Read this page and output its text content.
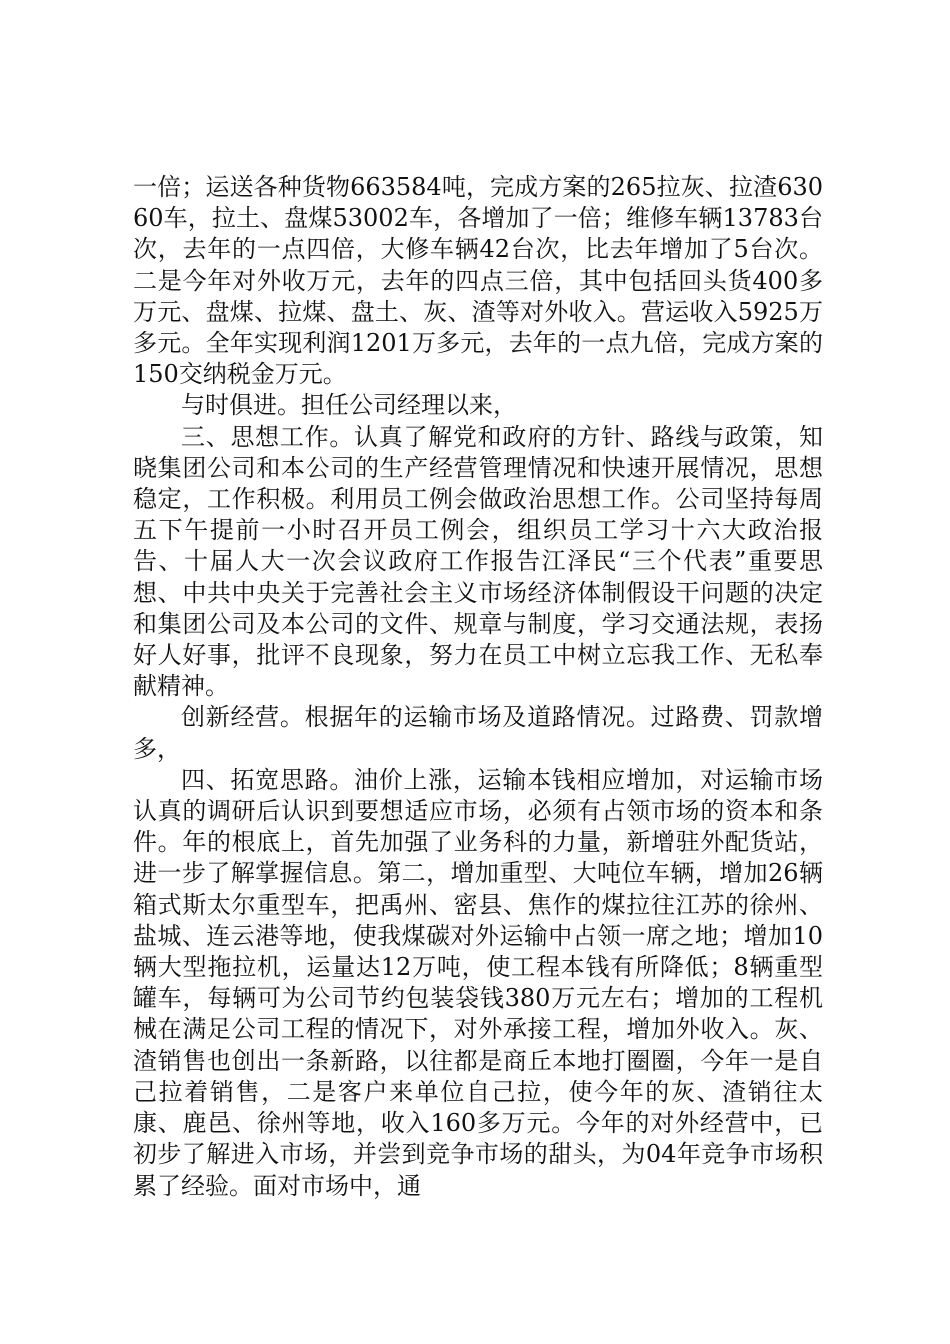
一倍；运送各种货物663584吨，完成方案的265拉灰、拉渣63060车，拉土、盘煤53002车，各增加了一倍；维修车辆13783台次，去年的一点四倍，大修车辆42台次，比去年增加了5台次。二是今年对外收万元，去年的四点三倍，其中包括回头货400多万元、盘煤、拉煤、盘土、灰、渣等对外收入。营运收入5925万多元。全年实现利润1201万多元，去年的一点九倍，完成方案的150交纳税金万元。

与时俱进。担任公司经理以来，

三、思想工作。认真了解党和政府的方针、路线与政策，知晓集团公司和本公司的生产经营管理情况和快速开展情况，思想稳定，工作积极。利用员工例会做政治思想工作。公司坚持每周五下午提前一小时召开员工例会，组织员工学习十六大政治报告、十届人大一次会议政府工作报告江泽民“三个代表”重要思想、中共中央关于完善社会主义市场经济体制假设干问题的决定和集团公司及本公司的文件、规章与制度，学习交通法规，表扬好人好事，批评不良现象，努力在员工中树立忘我工作、无私奉献精神。

创新经营。根据年的运输市场及道路情况。过路费、罚款增多，

四、拓宽思路。油价上涨，运输本钱相应增加，对运输市场认真的调研后认识到要想适应市场，必须有占领市场的资本和条件。年的根底上，首先加强了业务科的力量，新增驻外配货站，进一步了解掌握信息。第二，增加重型、大吨位车辆，增加26辆箱式斯太尔重型车，把禹州、密县、焦作的煤拉往江苏的徐州、盐城、连云港等地，使我煤碳对外运输中占领一席之地；增加10辆大型拖拉机，运量达12万吨，使工程本钱有所降低；8辆重型罐车，每辆可为公司节约包装袋钱380万元左右；增加的工程机械在满足公司工程的情况下，对外承接工程，增加外收入。灰、渣销售也创出一条新路，以往都是商丘本地打圈圈，今年一是自己拉着销售，二是客户来单位自己拉，使今年的灰、渣销往太康、鹿邑、徐州等地，收入160多万元。今年的对外经营中，已初步了解进入市场，并尝到竞争市场的甜头，为04年竞争市场积累了经验。面对市场中，通
